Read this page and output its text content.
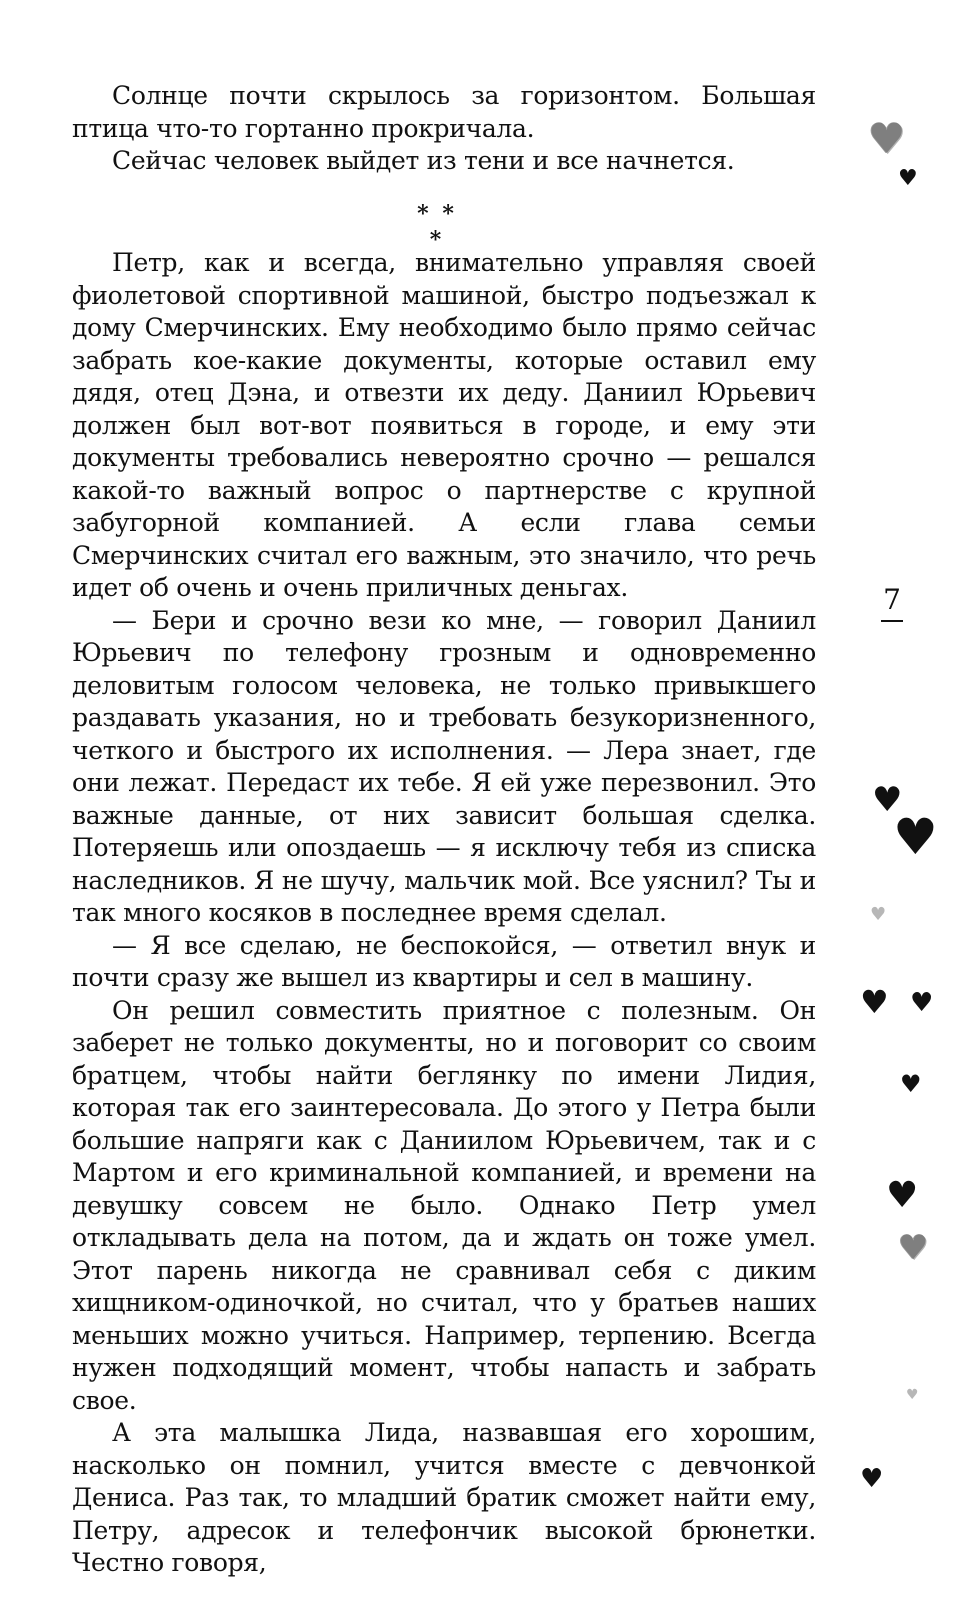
Солнце почти скрылось за горизонтом. Большая птица что-то гортанно прокричала.

Сейчас человек выйдет из тени и все начнется.

* * *

Петр, как и всегда, внимательно управляя своей фиолетовой спортивной машиной, быстро подъезжал к дому Смерчинских. Ему необходимо было прямо сейчас забрать кое-какие документы, которые оставил ему дядя, отец Дэна, и отвезти их деду. Даниил Юрьевич должен был вот-вот появиться в городе, и ему эти документы требовались невероятно срочно — решался какой-то важный вопрос о партнерстве с крупной забугорной компанией. А если глава семьи Смерчинских считал его важным, это значило, что речь идет об очень и очень приличных деньгах.

— Бери и срочно вези ко мне, — говорил Даниил Юрьевич по телефону грозным и одновременно деловитым голосом человека, не только привыкшего раздавать указания, но и требовать безукоризненного, четкого и быстрого их исполнения. — Лера знает, где они лежат. Передаст их тебе. Я ей уже перезвонил. Это важные данные, от них зависит большая сделка. Потеряешь или опоздаешь — я исключу тебя из списка наследников. Я не шучу, мальчик мой. Все уяснил? Ты и так много косяков в последнее время сделал.

— Я все сделаю, не беспокойся, — ответил внук и почти сразу же вышел из квартиры и сел в машину.

Он решил совместить приятное с полезным. Он заберет не только документы, но и поговорит со своим братцем, чтобы найти беглянку по имени Лидия, которая так его заинтересовала. До этого у Петра были большие напряги как с Даниилом Юрьевичем, так и с Мартом и его криминальной компанией, и времени на девушку совсем не было. Однако Петр умел откладывать дела на потом, да и ждать он тоже умел. Этот парень никогда не сравнивал себя с диким хищником-одиночкой, но считал, что у братьев наших меньших можно учиться. Например, терпению. Всегда нужен подходящий момент, чтобы напасть и забрать свое.

А эта малышка Лида, назвавшая его хорошим, насколько он помнил, учится вместе с девчонкой Дениса. Раз так, то младший братик сможет найти ему, Петру, адресок и телефончик высокой брюнетки. Честно говоря,

7
♥
♥
♥
♥
♥
♥ ♥
♥
♥
♥
♥
♥
